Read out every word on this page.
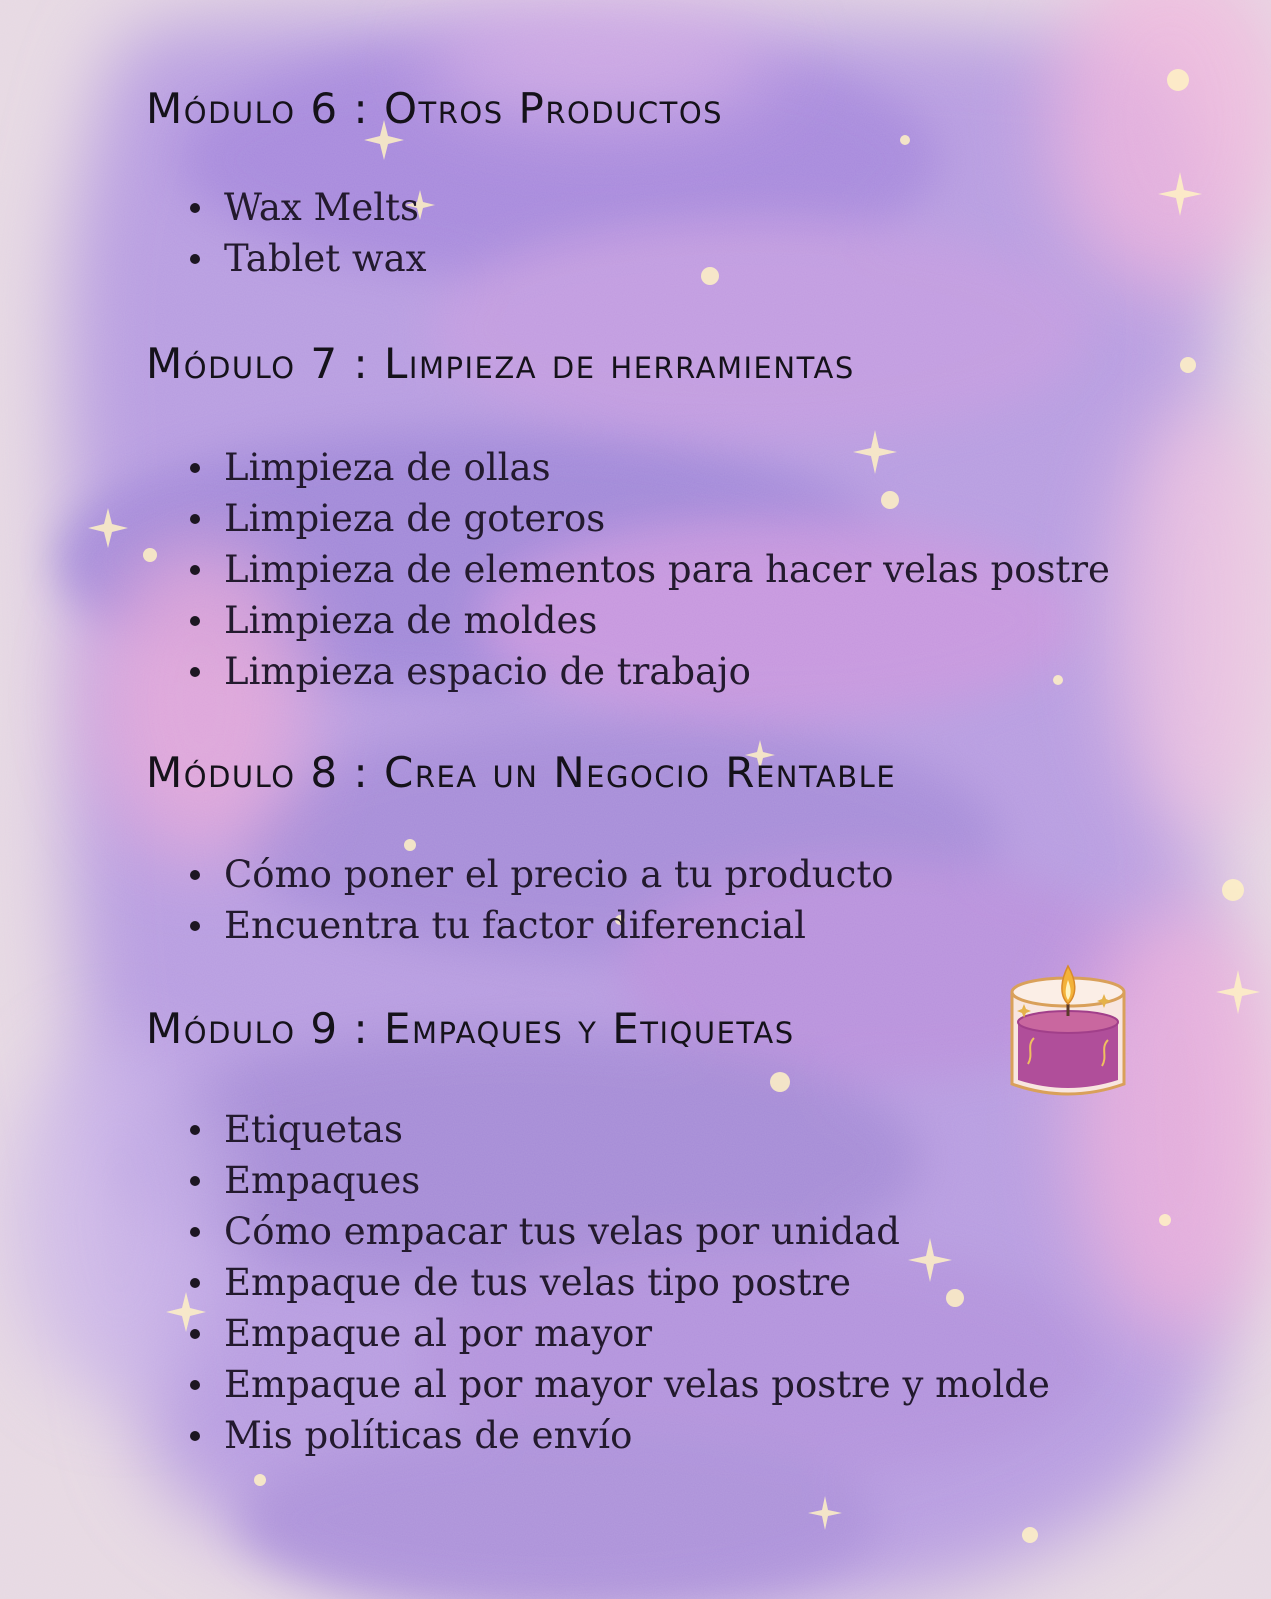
Módulo 6 : Otros Productos
Wax Melts
Tablet wax
Módulo 7 : Limpieza de herramientas
Limpieza de ollas
Limpieza de goteros
Limpieza de elementos para hacer velas postre
Limpieza de moldes
Limpieza espacio de trabajo
Módulo 8 : Crea un Negocio Rentable
Cómo poner el precio a tu producto
Encuentra tu factor diferencial
Módulo 9 : Empaques y Etiquetas
Etiquetas
Empaques
Cómo empacar tus velas por unidad
Empaque de tus velas tipo postre
Empaque al por mayor
Empaque al por mayor velas postre y molde
Mis políticas de envío
